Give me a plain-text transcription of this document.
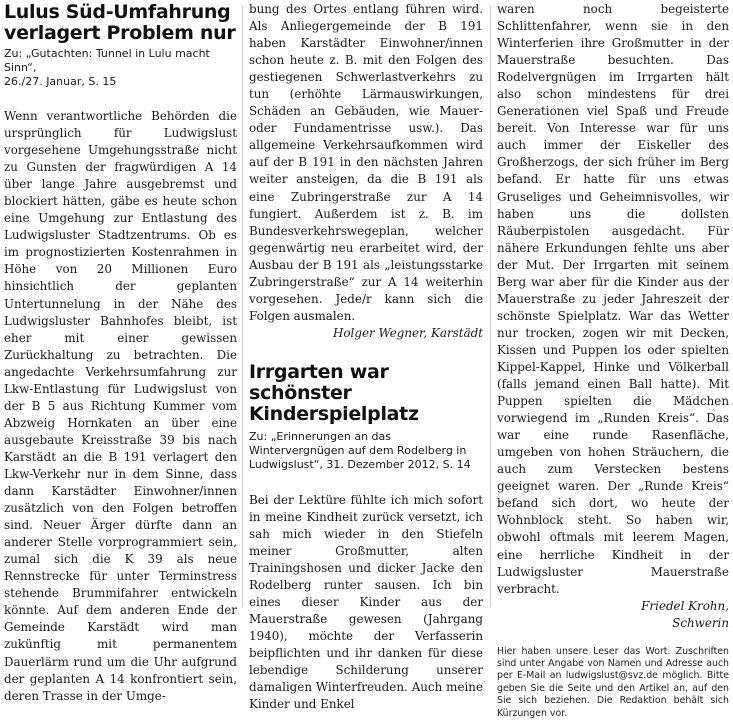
Lulus Süd-Umfahrung
verlagert Problem nur
Zu: „Gutachten: Tunnel in Lulu macht Sinn“,
26./27. Januar, S. 15

Wenn verantwortliche Behörden die ursprünglich für Ludwigslust vorgesehene Umgehungsstraße nicht zu Gunsten der fragwürdigen A 14 über lange Jahre ausgebremst und blockiert hätten, gäbe es heute schon eine Umgehung zur Entlastung des Ludwigsluster Stadtzentrums. Ob es im prognostizierten Kostenrahmen in Höhe von 20 Millionen Euro hinsichtlich der geplanten Untertunnelung in der Nähe des Ludwigsluster Bahnhofes bleibt, ist eher mit einer gewissen Zurückhaltung zu betrachten. Die angedachte Verkehrsumfahrung zur Lkw-Entlastung für Ludwigslust von der B 5 aus Richtung Kummer vom Abzweig Hornkaten an über eine ausgebaute Kreisstraße 39 bis nach Karstädt an die B 191 verlagert den Lkw-Verkehr nur in dem Sinne, dass dann Karstädter Einwohner/innen zusätzlich von den Folgen betroffen sind. Neuer Ärger dürfte dann an anderer Stelle vorprogrammiert sein, zumal sich die K 39 als neue Rennstrecke für unter Terminstress stehende Brummifahrer entwickeln könnte. Auf dem anderen Ende der Gemeinde Karstädt wird man zukünftig mit permanentem Dauerlärm rund um die Uhr aufgrund der geplanten A 14 konfrontiert sein, deren Trasse in der Umge-

bung des Ortes entlang führen wird. Als Anliegergemeinde der B 191 haben Karstädter Einwohner/innen schon heute z. B. mit den Folgen des gestiegenen Schwerlastverkehrs zu tun (erhöhte Lärmauswirkungen, Schäden an Gebäuden, wie Mauer- oder Fundamentrisse usw.). Das allgemeine Verkehrsaufkommen wird auf der B 191 in den nächsten Jahren weiter ansteigen, da die B 191 als eine Zubringerstraße zur A 14 fungiert. Außerdem ist z. B. im Bundesverkehrswegeplan, welcher gegenwärtig neu erarbeitet wird, der Ausbau der B 191 als „leistungsstarke Zubringerstraße“ zur A 14 weiterhin vorgesehen. Jede/r kann sich die Folgen ausmalen.

Holger Wegner, Karstädt

Irrgarten war schönster
Kinderspielplatz
Zu: „Erinnerungen an das Wintervergnügen auf dem Rodelberg in Ludwigslust“, 31. Dezember 2012, S. 14

Bei der Lektüre fühlte ich mich sofort in meine Kindheit zurück versetzt, ich sah mich wieder in den Stiefeln meiner Großmutter, alten Trainingshosen und dicker Jacke den Rodelberg runter sausen. Ich bin eines dieser Kinder aus der Mauerstraße gewesen (Jahrgang 1940), möchte der Verfasserin beipflichten und ihr danken für diese lebendige Schilderung unserer damaligen Winterfreuden. Auch meine Kinder und Enkel

waren noch begeisterte Schlittenfahrer, wenn sie in den Winterferien ihre Großmutter in der Mauerstraße besuchten. Das Rodelvergnügen im Irrgarten hält also schon mindestens für drei Generationen viel Spaß und Freude bereit. Von Interesse war für uns auch immer der Eiskeller des Großherzogs, der sich früher im Berg befand. Er hatte für uns etwas Gruseliges und Geheimnisvolles, wir haben uns die dollsten Räuberpistolen ausgedacht. Für nähere Erkundungen fehlte uns aber der Mut. Der Irrgarten mit seinem Berg war aber für die Kinder aus der Mauerstraße zu jeder Jahreszeit der schönste Spielplatz. War das Wetter nur trocken, zogen wir mit Decken, Kissen und Puppen los oder spielten Kippel-Kappel, Hinke und Völkerball (falls jemand einen Ball hatte). Mit Puppen spielten die Mädchen vorwiegend im „Runden Kreis“. Das war eine runde Rasenfläche, umgeben von hohen Sträuchern, die auch zum Verstecken bestens geeignet waren. Der „Runde Kreis“ befand sich dort, wo heute der Wohnblock steht. So haben wir, obwohl oftmals mit leerem Magen, eine herrliche Kindheit in der Ludwigsluster Mauerstraße verbracht.

Friedel Krohn,

Schwerin

Hier haben unsere Leser das Wort. Zuschriften sind unter Angabe von Namen und Adresse auch per E-Mail an ludwigslust@svz.de möglich. Bitte geben Sie die Seite und den Artikel an, auf den Sie sich beziehen. Die Redaktion behält sich Kürzungen vor.
